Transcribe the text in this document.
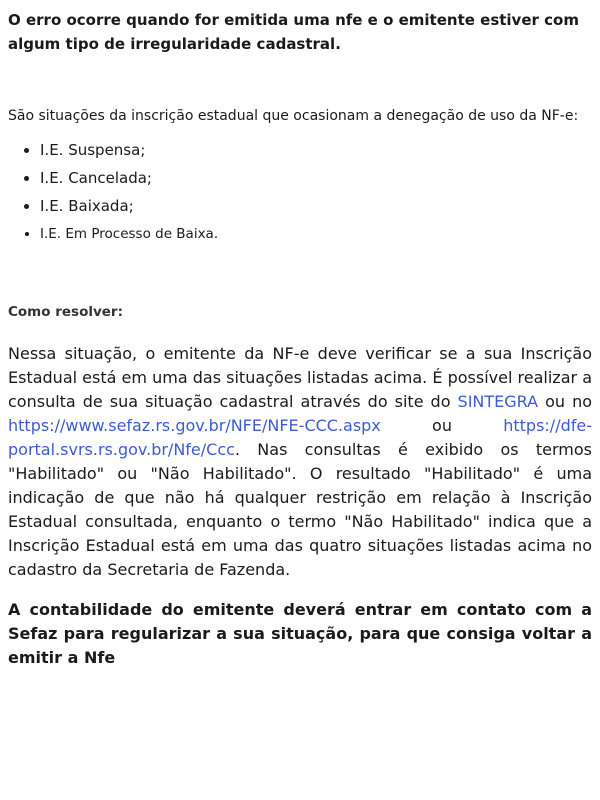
O erro ocorre quando for emitida uma nfe e o emitente estiver com algum tipo de irregularidade cadastral.

São situações da inscrição estadual que ocasionam a denegação de uso da NF-e:

• I.E. Suspensa;
• I.E. Cancelada;
• I.E. Baixada;
• I.E. Em Processo de Baixa.

Como resolver:

Nessa situação, o emitente da NF-e deve verificar se a sua Inscrição Estadual está em uma das situações listadas acima. É possível realizar a consulta de sua situação cadastral através do site do SINTEGRA ou no https://www.sefaz.rs.gov.br/NFE/NFE-CCC.aspx ou https://dfe-portal.svrs.rs.gov.br/Nfe/Ccc. Nas consultas é exibido os termos "Habilitado" ou "Não Habilitado". O resultado "Habilitado" é uma indicação de que não há qualquer restrição em relação à Inscrição Estadual consultada, enquanto o termo "Não Habilitado" indica que a Inscrição Estadual está em uma das quatro situações listadas acima no cadastro da Secretaria de Fazenda.

A contabilidade do emitente deverá entrar em contato com a Sefaz para regularizar a sua situação, para que consiga voltar a emitir a Nfe
